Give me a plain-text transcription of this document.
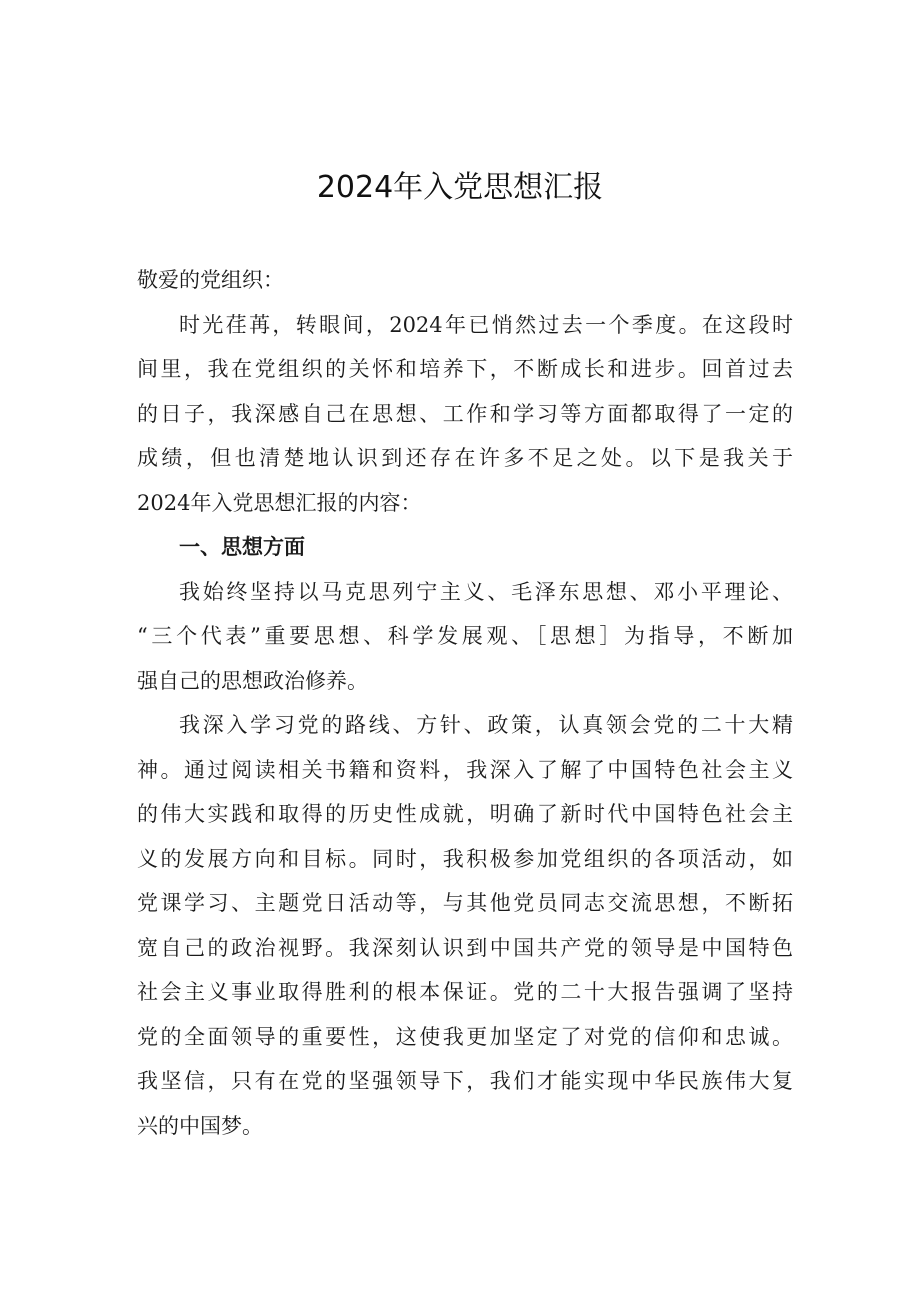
2024年入党思想汇报
敬爱的党组织：
时光荏苒，转眼间，2024年已悄然过去一个季度。在这段时
间里，我在党组织的关怀和培养下，不断成长和进步。回首过去
的日子，我深感自己在思想、工作和学习等方面都取得了一定的
成绩，但也清楚地认识到还存在许多不足之处。以下是我关于
2024年入党思想汇报的内容：
一、思想方面
我始终坚持以马克思列宁主义、毛泽东思想、邓小平理论、
“三个代表”重要思想、科学发展观、［思想］为指导，不断加
强自己的思想政治修养。
我深入学习党的路线、方针、政策，认真领会党的二十大精
神。通过阅读相关书籍和资料，我深入了解了中国特色社会主义
的伟大实践和取得的历史性成就，明确了新时代中国特色社会主
义的发展方向和目标。同时，我积极参加党组织的各项活动，如
党课学习、主题党日活动等，与其他党员同志交流思想，不断拓
宽自己的政治视野。我深刻认识到中国共产党的领导是中国特色
社会主义事业取得胜利的根本保证。党的二十大报告强调了坚持
党的全面领导的重要性，这使我更加坚定了对党的信仰和忠诚。
我坚信，只有在党的坚强领导下，我们才能实现中华民族伟大复
兴的中国梦。
